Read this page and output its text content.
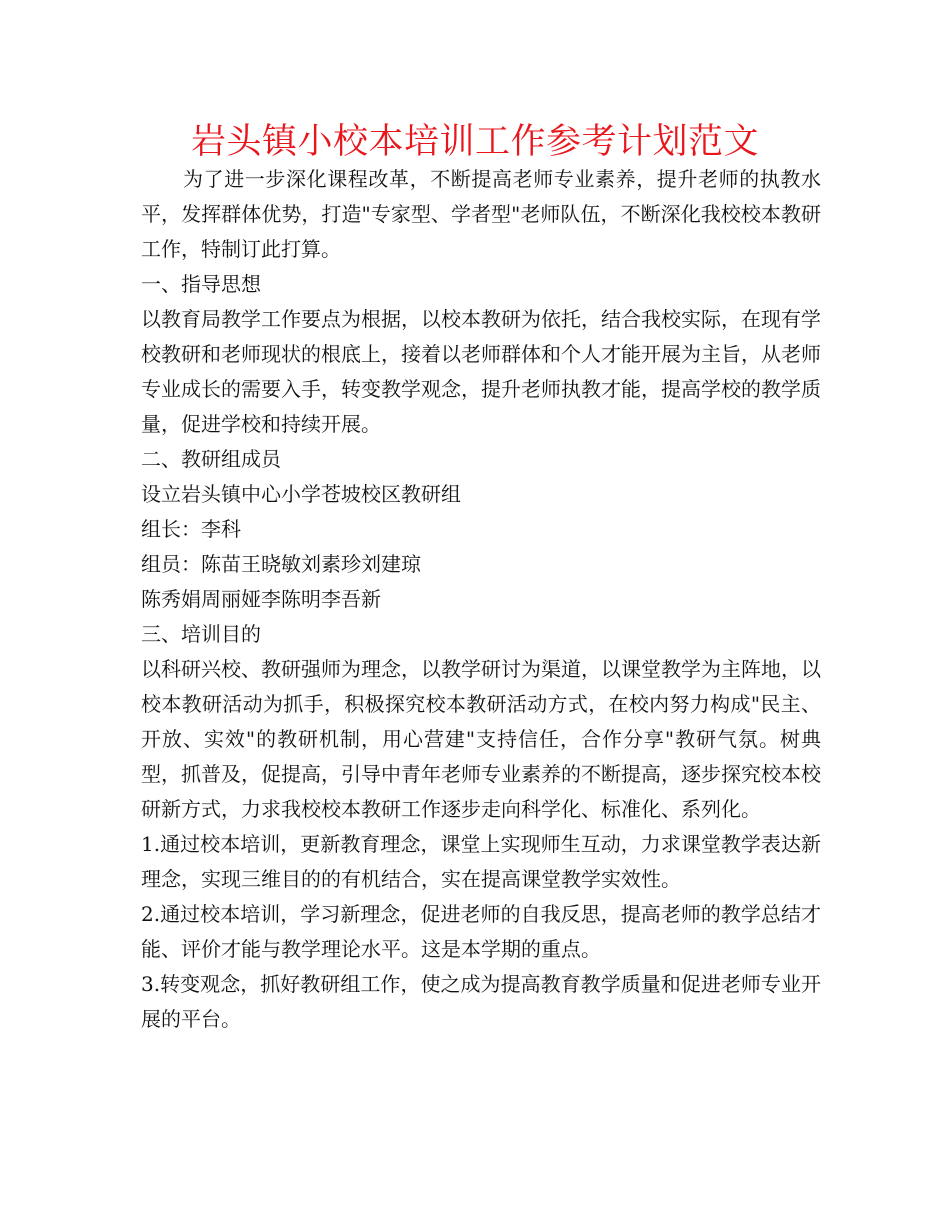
岩头镇小校本培训工作参考计划范文

为了进一步深化课程改革，不断提高老师专业素养，提升老师的执教水平，发挥群体优势，打造"专家型、学者型"老师队伍，不断深化我校校本教研工作，特制订此打算。

一、指导思想

以教育局教学工作要点为根据，以校本教研为依托，结合我校实际，在现有学校教研和老师现状的根底上，接着以老师群体和个人才能开展为主旨，从老师专业成长的需要入手，转变教学观念，提升老师执教才能，提高学校的教学质量，促进学校和持续开展。

二、教研组成员

设立岩头镇中心小学苍坡校区教研组

组长：李科

组员：陈苗王晓敏刘素珍刘建琼

陈秀娟周丽娅李陈明李吾新

三、培训目的

以科研兴校、教研强师为理念，以教学研讨为渠道，以课堂教学为主阵地，以校本教研活动为抓手，积极探究校本教研活动方式，在校内努力构成"民主、开放、实效"的教研机制，用心营建"支持信任，合作分享"教研气氛。树典型，抓普及，促提高，引导中青年老师专业素养的不断提高，逐步探究校本校研新方式，力求我校校本教研工作逐步走向科学化、标准化、系列化。

1.通过校本培训，更新教育理念，课堂上实现师生互动，力求课堂教学表达新理念，实现三维目的的有机结合，实在提高课堂教学实效性。

2.通过校本培训，学习新理念，促进老师的自我反思，提高老师的教学总结才能、评价才能与教学理论水平。这是本学期的重点。

3.转变观念，抓好教研组工作，使之成为提高教育教学质量和促进老师专业开展的平台。
